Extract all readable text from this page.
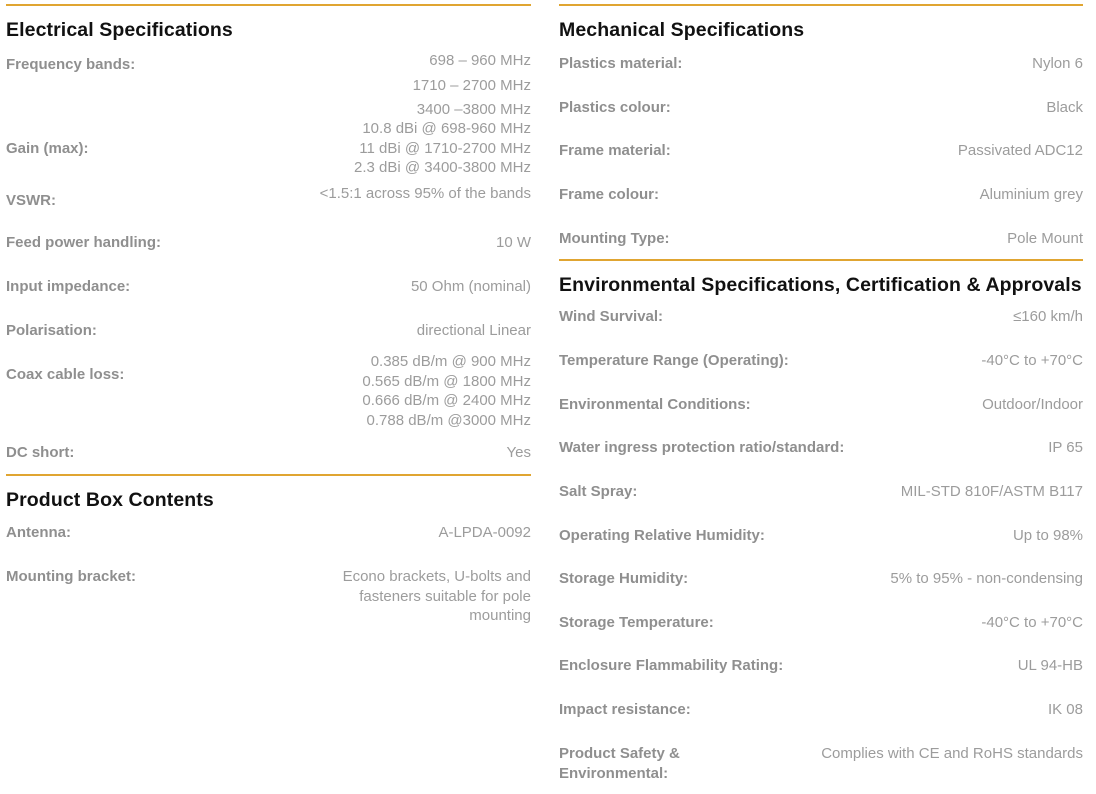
Electrical Specifications
Frequency bands:	698 – 960 MHz
1710 – 2700 MHz
3400 –3800 MHz
Gain (max):
10.8 dBi @ 698-960 MHz
11 dBi @ 1710-2700 MHz
2.3 dBi @ 3400-3800 MHz
VSWR:	<1.5:1 across 95% of the bands
Feed power handling:	10 W
Input impedance:	50 Ohm (nominal)
Polarisation:	directional Linear
Coax cable loss:
0.385 dB/m @ 900 MHz
0.565 dB/m @ 1800 MHz
0.666 dB/m @ 2400 MHz
0.788 dB/m @3000 MHz
DC short:	Yes
Product Box Contents
Antenna:	A-LPDA-0092
Mounting bracket:	Econo brackets, U-bolts and
fasteners suitable for pole
mounting
Mechanical Specifications
Plastics material:	Nylon 6
Plastics colour:	Black
Frame material:	Passivated ADC12
Frame colour:	Aluminium grey
Mounting Type:	Pole Mount
Environmental Specifications, Certification & Approvals
Wind Survival:	≤160 km/h
Temperature Range (Operating):	-40°C to +70°C
Environmental Conditions:	Outdoor/Indoor
Water ingress protection ratio/standard:	IP 65
Salt Spray:	MIL-STD 810F/ASTM B117
Operating Relative Humidity:	Up to 98%
Storage Humidity:	5% to 95% - non-condensing
Storage Temperature:	-40°C to +70°C
Enclosure Flammability Rating:	UL 94-HB
Impact resistance:	IK 08
Product Safety & Environmental:
Complies with CE and RoHS standards
